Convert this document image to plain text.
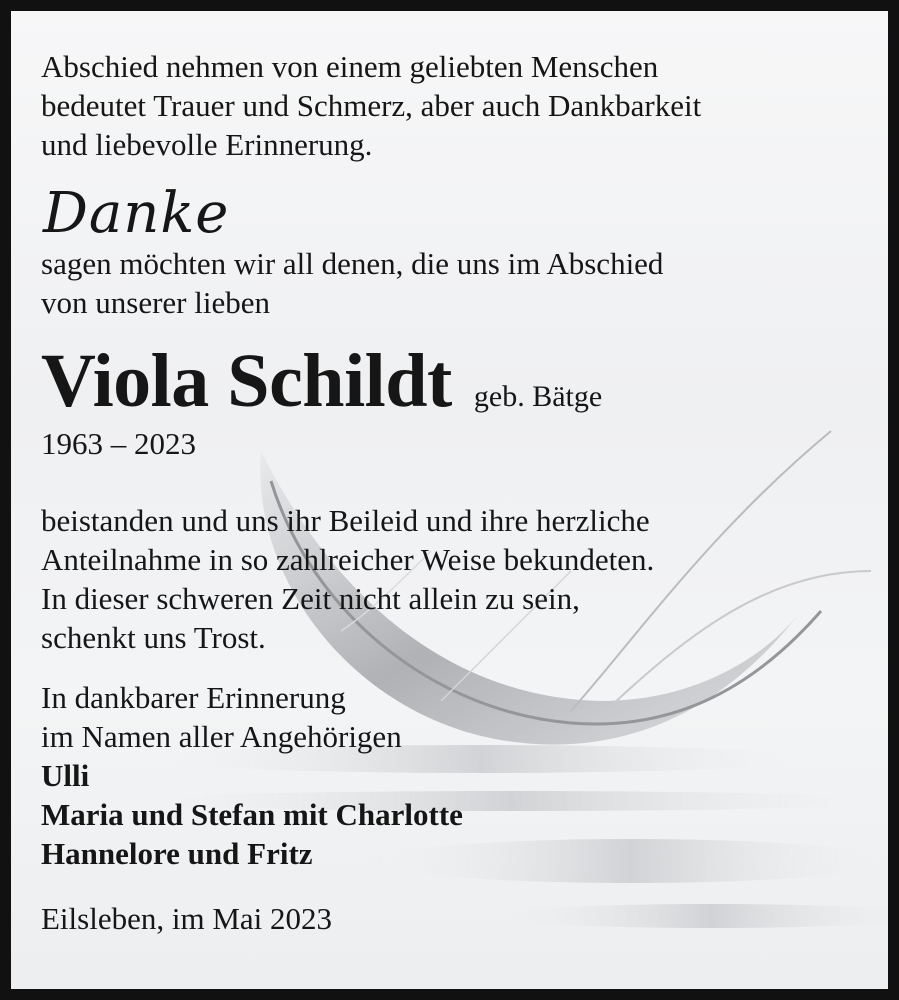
Abschied nehmen von einem geliebten Menschen

bedeutet Trauer und Schmerz, aber auch Dankbarkeit

und liebevolle Erinnerung.

Danke

sagen möchten wir all denen, die uns im Abschied

von unserer lieben

Viola Schildt geb. Bätge
1963 – 2023

beistanden und uns ihr Beileid und ihre herzliche

Anteilnahme in so zahlreicher Weise bekundeten.

In dieser schweren Zeit nicht allein zu sein,

schenkt uns Trost.

In dankbarer Erinnerung

im Namen aller Angehörigen

Ulli

Maria und Stefan mit Charlotte

Hannelore und Fritz

Eilsleben, im Mai 2023
